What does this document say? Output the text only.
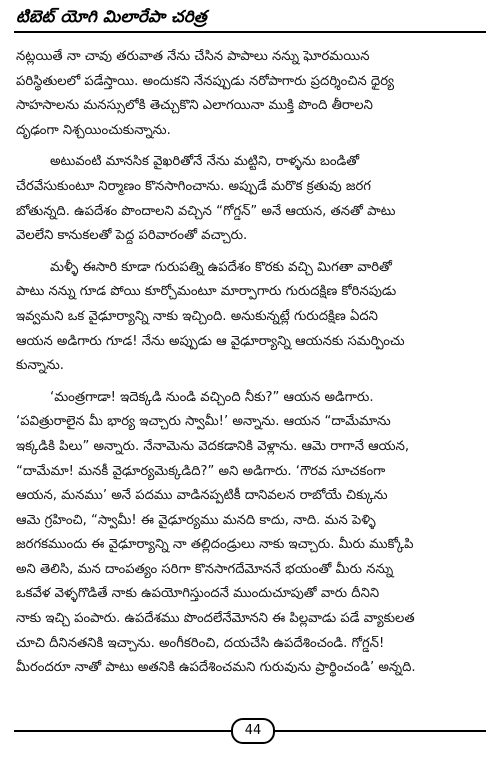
టిబెట్ యోగి మిలారేపా చరిత్ర
నట్లయితే నా చావు తరువాత నేను చేసిన పాపాలు నన్ను ఘోరమయిన
పరిస్థితులలో పడేస్తాయి. అందుకని నేనప్పుడు నరోపాగారు ప్రదర్శించిన ధైర్య
సాహసాలను మనస్సులోకి తెచ్చుకొని ఎలాగయినా ముక్తి పొంది తీరాలని
దృఢంగా నిశ్చయించుకున్నాను.
అటువంటి మానసిక వైఖరితోనే నేను మట్టిని, రాళ్ళను బండితో
చేరవేసుకుంటూ నిర్మాణం కొనసాగించాను. అప్పుడే మరొక క్రతువు జరగ
బోతున్నది. ఉపదేశం పొందాలని వచ్చిన “గోగ్డన్” అనే ఆయన, తనతో పాటు
వెలలేని కానుకలతో పెద్ద పరివారంతో వచ్చారు.
మళ్ళీ ఈసారి కూడా గురుపత్ని ఉపదేశం కొరకు వచ్చి మిగతా వారితో
పాటు నన్ను గూడ పోయి కూర్చోమంటూ మార్పాగారు గురుదక్షిణ కోరినపుడు
ఇవ్వమని ఒక వైఢూర్యాన్ని నాకు ఇచ్చింది. అనుకున్నట్లే గురుదక్షిణ ఏదని
ఆయన అడిగారు గూడ! నేను అప్పుడు ఆ వైఢూర్యాన్ని ఆయనకు సమర్పించు
కున్నాను.
‘మంత్రగాడా! ఇదెక్కడి నుండి వచ్చింది నీకు?” ఆయన అడిగారు.
‘పవిత్రురాలైన మీ భార్య ఇచ్చారు స్వామీ!’ అన్నాను. ఆయన “దామేమాను
ఇక్కడికి పిలు” అన్నారు. నేనామెను వెదకడానికి వెళ్లాను. ఆమె రాగానే ఆయన,
“దామేమా! మనకీ వైఢూర్యమెక్కడిది?” అని అడిగారు. ‘గౌరవ సూచకంగా
ఆయన, మనము’ అనే పదము వాడినప్పటికీ దానివలన రాబోయే చిక్కును
ఆమె గ్రహించి, “స్వామీ! ఈ వైఢూర్యము మనది కాదు, నాది. మన పెళ్ళి
జరగకముందు ఈ వైఢూర్యాన్ని నా తల్లిదండ్రులు నాకు ఇచ్చారు. మీరు ముక్కోపి
అని తెలిసి, మన దాంపత్యం సరిగా కొనసాగదేమోననే భయంతో మీరు నన్ను
ఒకవేళ వెళ్ళగొడితే నాకు ఉపయోగిస్తుందనే ముందుచూపుతో వారు దీనిని
నాకు ఇచ్చి పంపారు. ఉపదేశము పొందలేనేమోనని ఈ పిల్లవాడు పడే వ్యాకులత
చూచి దీనినతనికి ఇచ్చాను. అంగీకరించి, దయచేసి ఉపదేశించండి. గోగ్డన్!
మీరందరూ నాతో పాటు అతనికి ఉపదేశించమని గురువును ప్రార్థించండి’ అన్నది.
44
